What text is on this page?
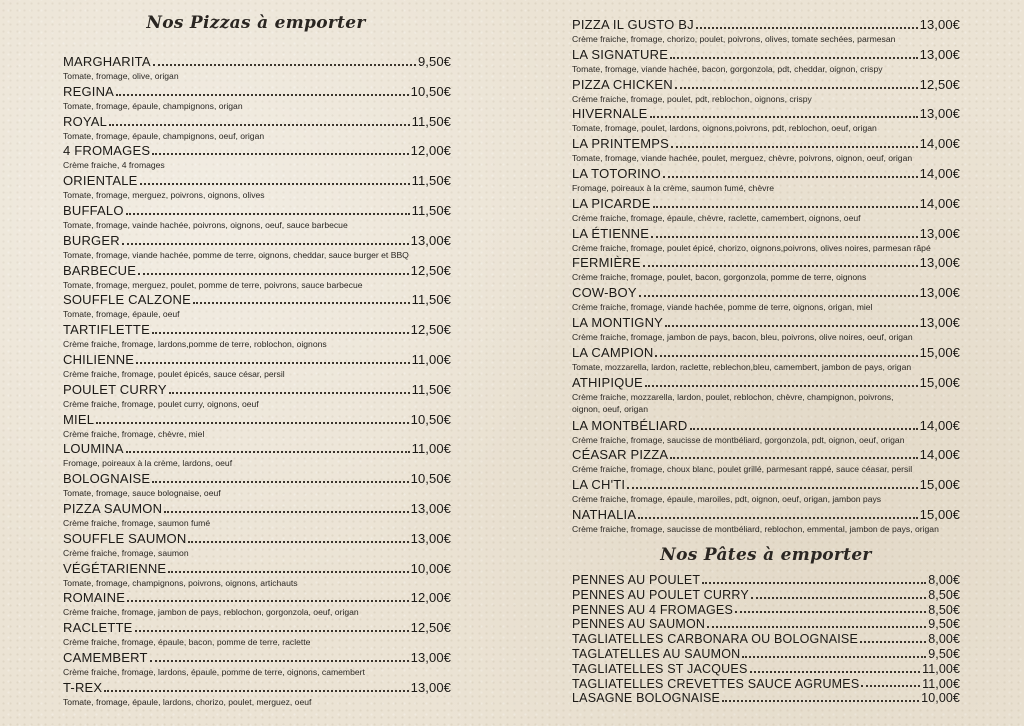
Nos Pizzas à emporter
MARGHARITA	9,50€
Tomate, fromage, olive, origan
REGINA	10,50€
Tomate, fromage, épaule, champignons, origan
ROYAL	11,50€
Tomate, fromage, épaule, champignons, oeuf, origan
4 FROMAGES	12,00€
Crème fraiche, 4 fromages
ORIENTALE	11,50€
Tomate, fromage, merguez, poivrons, oignons, olives
BUFFALO	11,50€
Tomate, fromage, vainde hachée, poivrons, oignons, oeuf, sauce barbecue
BURGER	13,00€
Tomate, fromage, viande hachée, pomme de terre, oignons, cheddar, sauce burger et BBQ
BARBECUE	12,50€
Tomate, fromage, merguez, poulet, pomme de terre, poivrons, sauce barbecue
SOUFFLE CALZONE	11,50€
Tomate, fromage, épaule, oeuf
TARTIFLETTE	12,50€
Crème fraiche, fromage, lardons,pomme de terre, roblochon, oignons
CHILIENNE	11,00€
Crème fraiche, fromage, poulet épicés, sauce césar, persil
POULET CURRY	11,50€
Crème fraiche, fromage, poulet curry, oignons, oeuf
MIEL	10,50€
Crème fraiche, fromage, chèvre, miel
LOUMINA	11,00€
Fromage, poireaux à la crème, lardons, oeuf
BOLOGNAISE	10,50€
Tomate, fromage, sauce bolognaise, oeuf
PIZZA SAUMON	13,00€
Crème fraiche, fromage, saumon fumé
SOUFFLE SAUMON	13,00€
Crème fraiche, fromage, saumon
VÉGÉTARIENNE	10,00€
Tomate, fromage, champignons, poivrons, oignons, artichauts
ROMAINE	12,00€
Crème fraiche, fromage, jambon de pays, reblochon, gorgonzola, oeuf, origan
RACLETTE	12,50€
Crème fraiche, fromage, épaule, bacon, pomme de terre, raclette
CAMEMBERT	13,00€
Crème fraiche, fromage, lardons, épaule, pomme de terre, oignons, camembert
T-REX	13,00€
Tomate, fromage, épaule, lardons, chorizo, poulet, merguez, oeuf
PIZZA IL GUSTO BJ	13,00€
Crème fraiche, fromage, chorizo, poulet, poivrons, olives, tomate sechées, parmesan
LA SIGNATURE	13,00€
Tomate, fromage, viande hachée, bacon, gorgonzola, pdt, cheddar, oignon, crispy
PIZZA CHICKEN	12,50€
Crème fraiche, fromage, poulet, pdt, reblochon, oignons, crispy
HIVERNALE	13,00€
Tomate, fromage, poulet, lardons, oignons,poivrons, pdt, reblochon, oeuf, origan
LA PRINTEMPS	14,00€
Tomate, fromage, viande hachée, poulet, merguez, chèvre, poivrons, oignon, oeuf, origan
LA TOTORINO	14,00€
Fromage, poireaux à la crème, saumon fumé, chèvre
LA PICARDE	14,00€
Crème fraiche, fromage, épaule, chèvre, raclette, camembert, oignons, oeuf
LA ÉTIENNE	13,00€
Crème fraiche, fromage, poulet épicé, chorizo, oignons,poivrons, olives noires, parmesan râpé
FERMIÈRE	13,00€
Crème fraiche, fromage, poulet, bacon, gorgonzola, pomme de terre, oignons
COW-BOY	13,00€
Crème fraiche, fromage, viande hachée, pomme de terre, oignons, origan, miel
LA MONTIGNY	13,00€
Crème fraiche, fromage, jambon de pays, bacon, bleu, poivrons, olive noires, oeuf, origan
LA CAMPION	15,00€
Tomate, mozzarella, lardon, raclette, reblechon,bleu, camembert, jambon de pays, origan
ATHIPIQUE	15,00€
Crème fraiche, mozzarella, lardon, poulet, reblochon, chèvre, champignon, poivrons,
oignon, oeuf, origan
LA MONTBÉLIARD	14,00€
Crème fraiche, fromage, saucisse de montbéliard, gorgonzola, pdt, oignon, oeuf, origan
CÉASAR PIZZA	14,00€
Crème fraiche, fromage, choux blanc, poulet grillé, parmesant rappé, sauce céasar, persil
LA CH'TI	15,00€
Crème fraiche, fromage, épaule, maroiles, pdt, oignon, oeuf, origan, jambon pays
NATHALIA	15,00€
Crème fraiche, fromage, saucisse de montbéliard, reblochon, emmental, jambon de pays, origan
Nos Pâtes à emporter
PENNES AU POULET	8,00€
PENNES AU POULET CURRY	8,50€
PENNES AU 4 FROMAGES	8,50€
PENNES AU SAUMON	9,50€
TAGLIATELLES CARBONARA OU BOLOGNAISE	8,00€
TAGLATELLES AU SAUMON	9,50€
TAGLIATELLES ST JACQUES	11,00€
TAGLIATELLES CREVETTES SAUCE AGRUMES	11,00€
LASAGNE BOLOGNAISE	10,00€
